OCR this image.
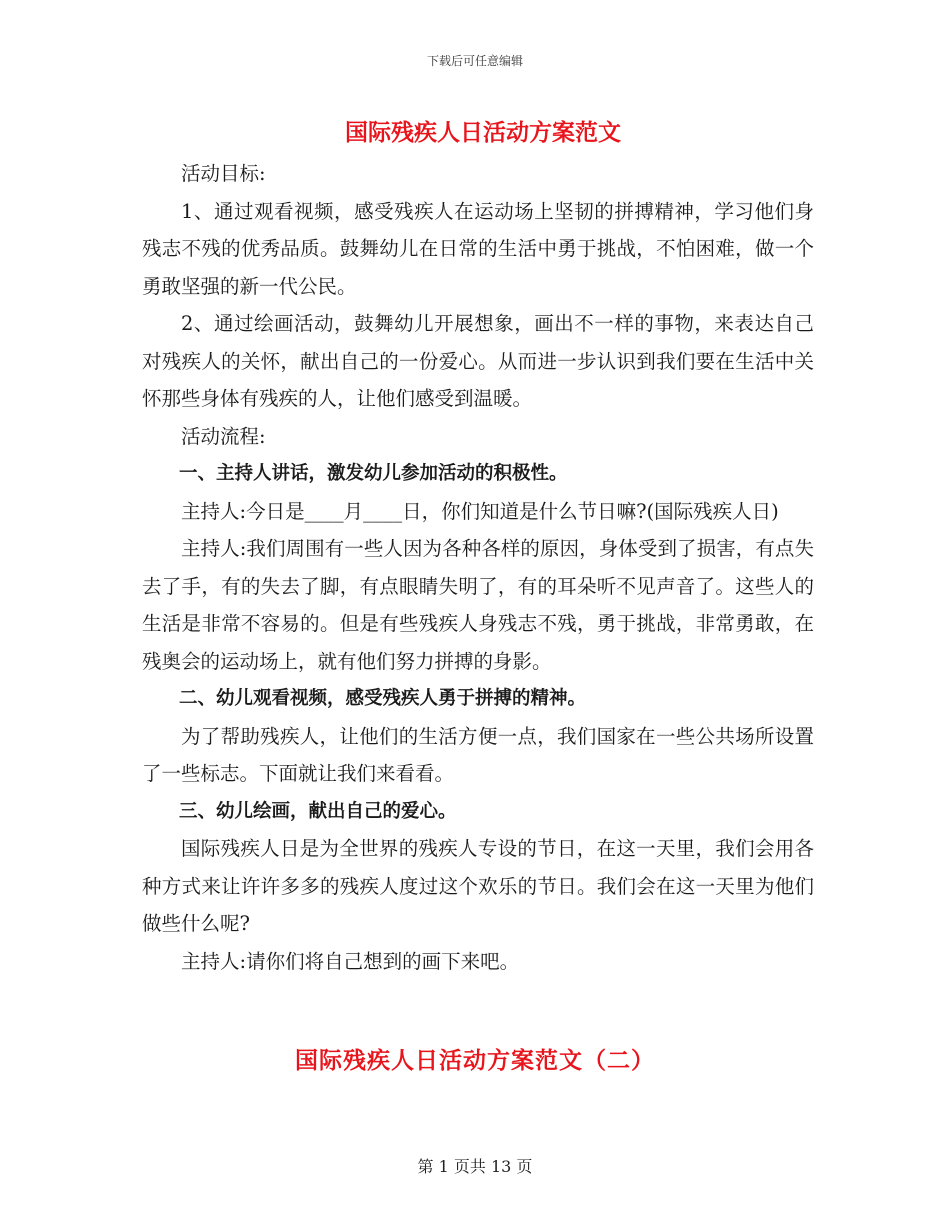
下载后可任意编辑
国际残疾人日活动方案范文

活动目标:

1、通过观看视频，感受残疾人在运动场上坚韧的拼搏精神，学习他们身残志不残的优秀品质。鼓舞幼儿在日常的生活中勇于挑战，不怕困难，做一个勇敢坚强的新一代公民。

2、通过绘画活动，鼓舞幼儿开展想象，画出不一样的事物，来表达自己对残疾人的关怀，献出自己的一份爱心。从而进一步认识到我们要在生活中关怀那些身体有残疾的人，让他们感受到温暖。

活动流程:

一、主持人讲话，激发幼儿参加活动的积极性。

主持人:今日是____月____日，你们知道是什么节日嘛?(国际残疾人日)

主持人:我们周围有一些人因为各种各样的原因，身体受到了损害，有点失去了手，有的失去了脚，有点眼睛失明了，有的耳朵听不见声音了。这些人的生活是非常不容易的。但是有些残疾人身残志不残，勇于挑战，非常勇敢，在残奥会的运动场上，就有他们努力拼搏的身影。

二、幼儿观看视频，感受残疾人勇于拼搏的精神。

为了帮助残疾人，让他们的生活方便一点，我们国家在一些公共场所设置了一些标志。下面就让我们来看看。

三、幼儿绘画，献出自己的爱心。

国际残疾人日是为全世界的残疾人专设的节日，在这一天里，我们会用各种方式来让许许多多的残疾人度过这个欢乐的节日。我们会在这一天里为他们做些什么呢?

主持人:请你们将自己想到的画下来吧。

国际残疾人日活动方案范文（二）
第 1 页共 13 页
